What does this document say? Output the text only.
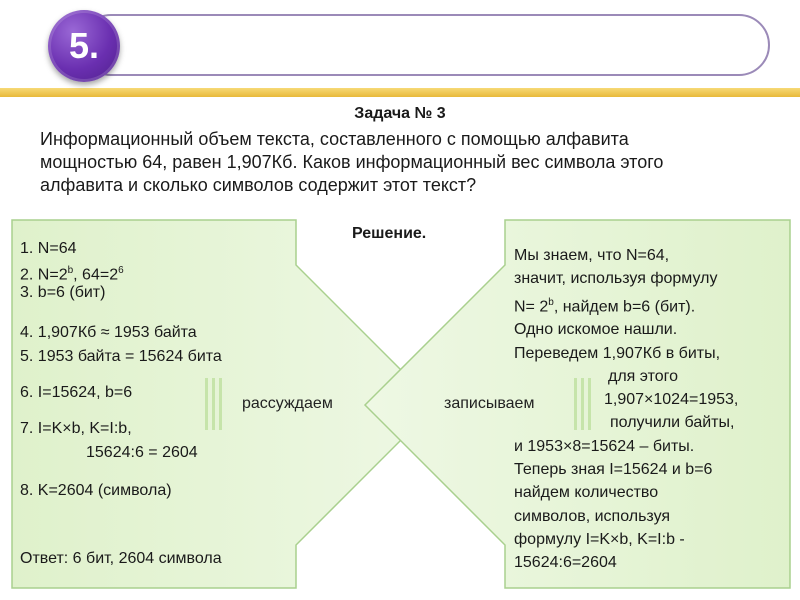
5.
Задача № 3
Информационный объем текста, составленного с помощью алфавита
мощностью 64, равен 1,907Кб. Каков информационный вес символа этого
алфавита и сколько символов содержит этот текст?
Решение.
1. N=64
2. $N=2^b$, $64=2^6$
3. b=6 (бит)
4. 1,907Кб ≈ 1953 байта
5. 1953 байта = 15624 бита
6. I=15624, b=6
7. I=K×b, K=I:b,
15624:6 = 2604
8. K=2604 (символа)
Ответ: 6 бит, 2604 символа
рассуждаем	записываем
Мы знаем, что N=64,
значит, используя формулу
$N= 2^b$, найдем b=6 (бит).
Одно искомое нашли.
Переведем 1,907Кб в биты,
для этого
1,907×1024=1953,
получили байты,
и 1953×8=15624 – биты.
Теперь зная I=15624 и b=6
найдем количество
символов, используя
формулу I=K×b, K=I:b -
15624:6=2604
